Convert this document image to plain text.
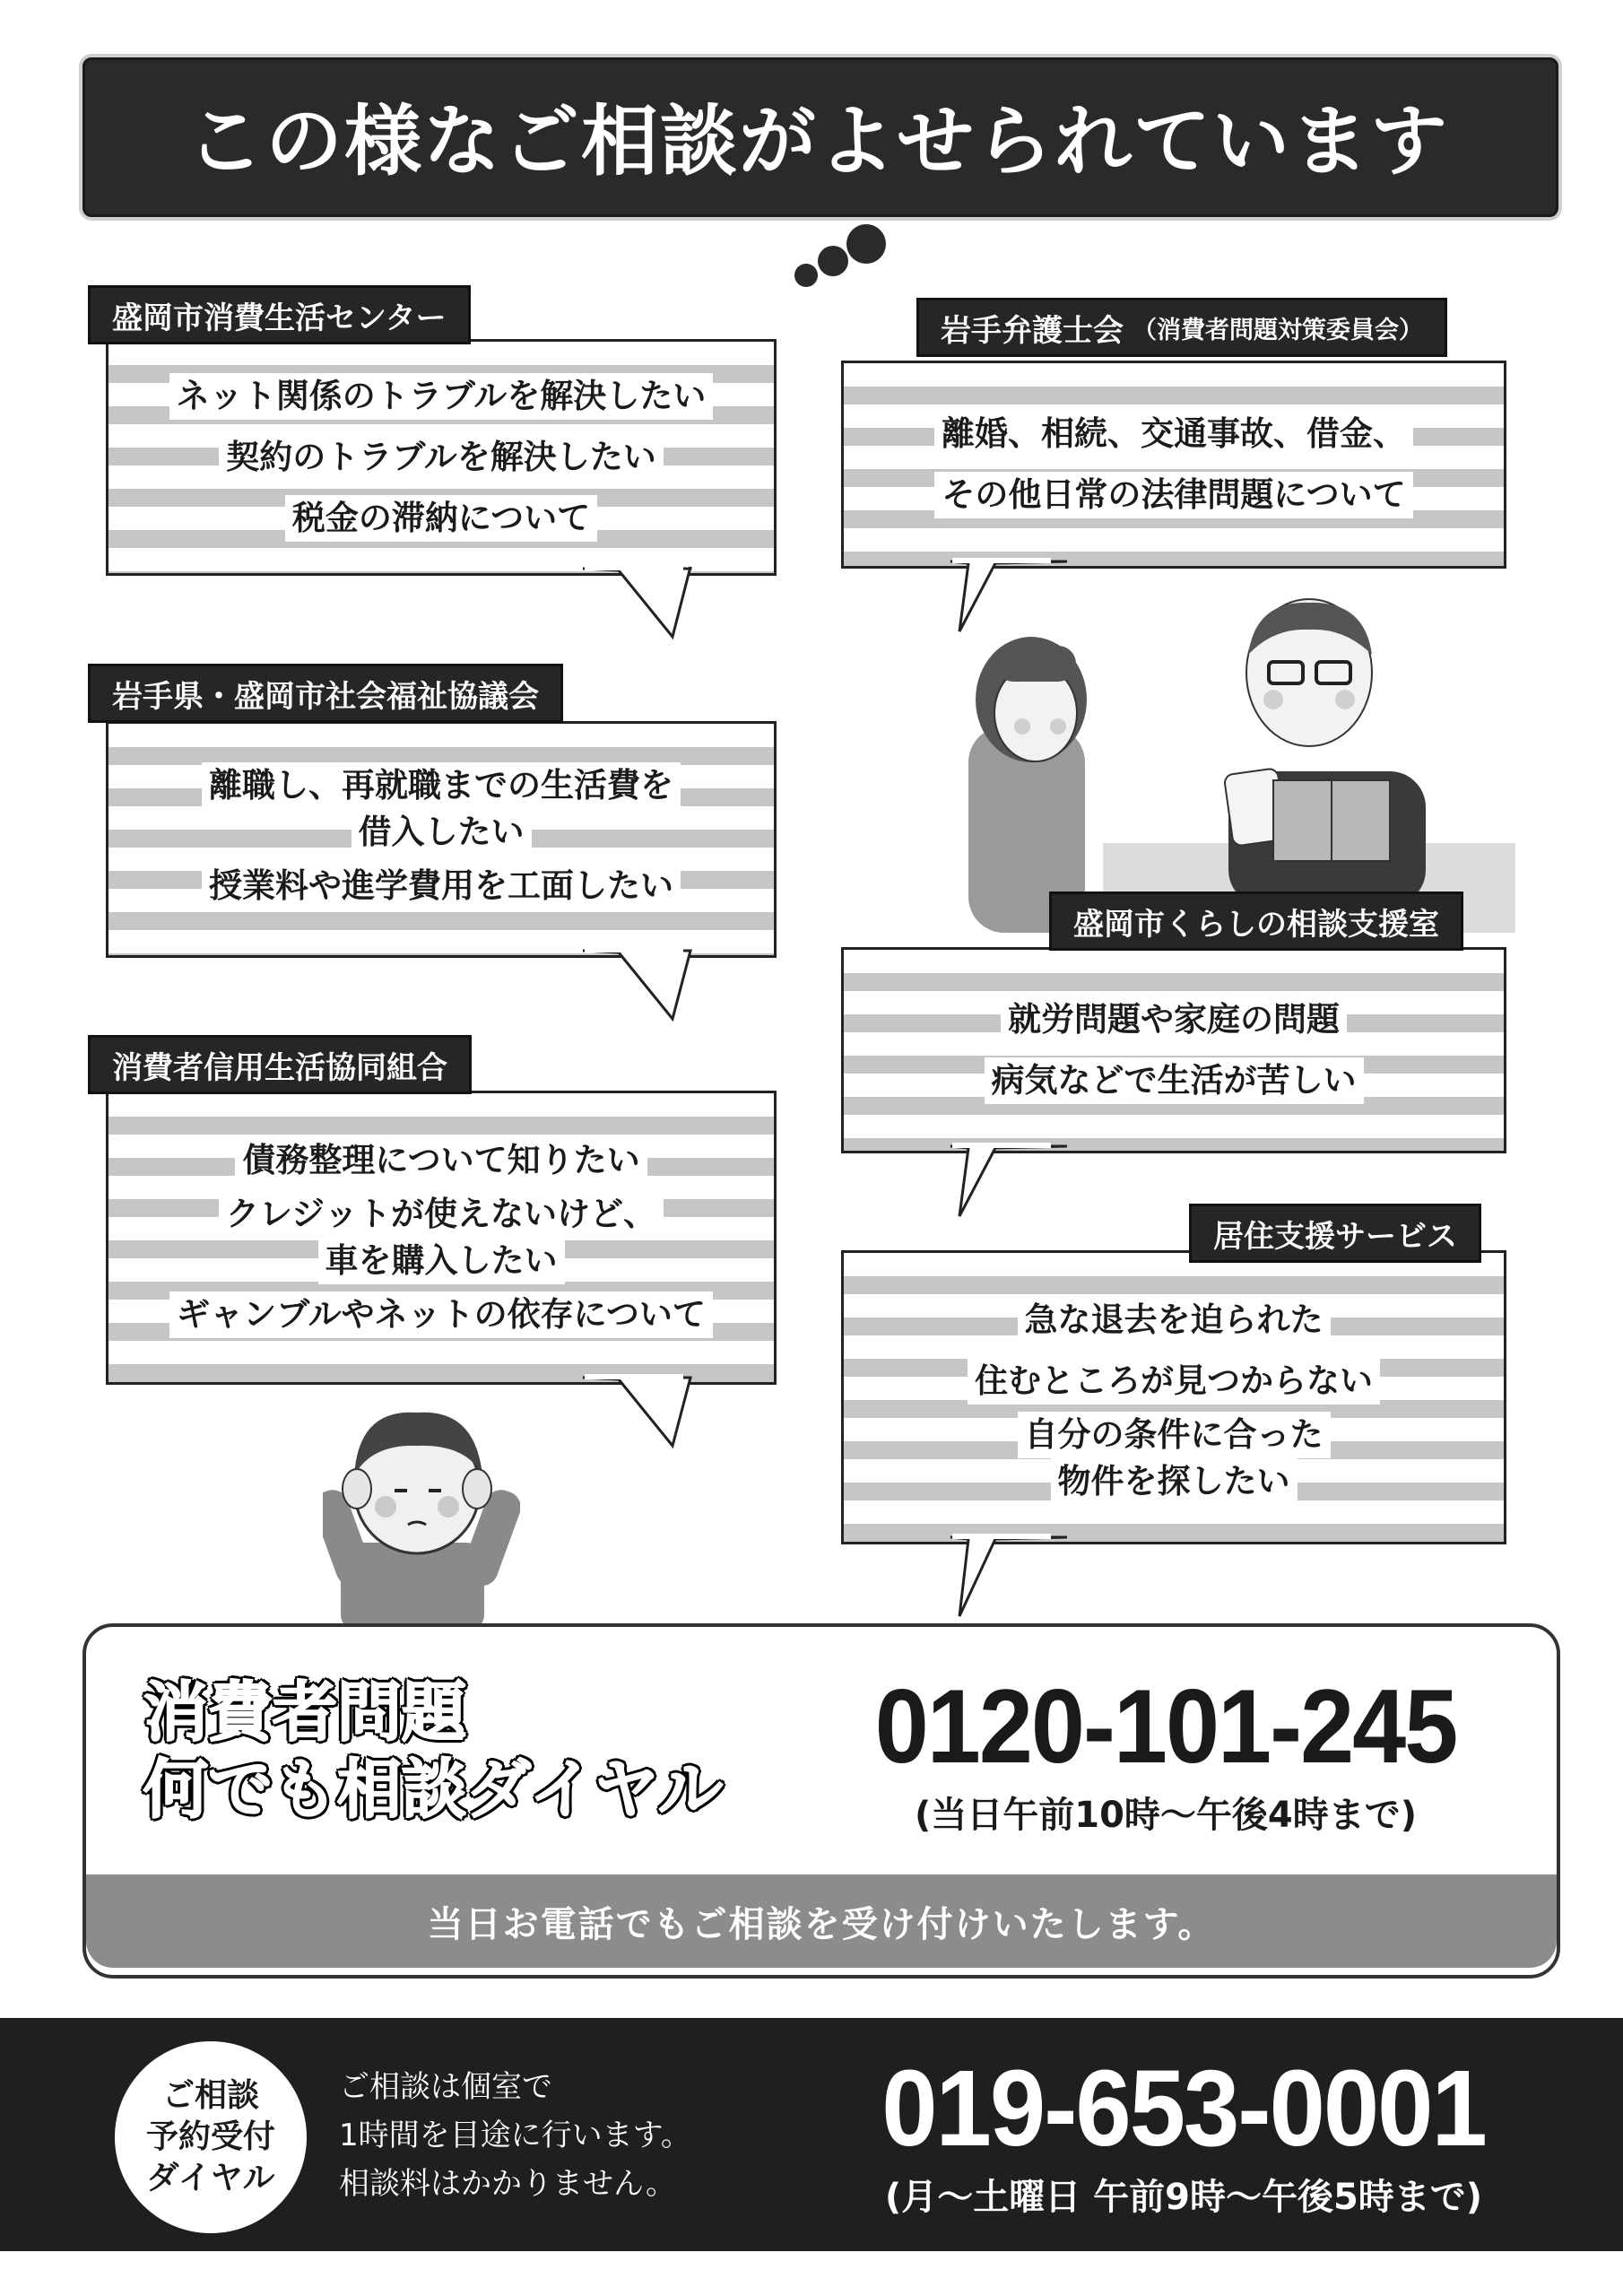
この様なご相談がよせられています
ネット関係のトラブルを解決したい
契約のトラブルを解決したい
税金の滞納について
盛岡市消費生活センター
離職し、再就職までの生活費を
借入したい
授業料や進学費用を工面したい
岩手県・盛岡市社会福祉協議会
債務整理について知りたい
クレジットが使えないけど、
車を購入したい
ギャンブルやネットの依存について
消費者信用生活協同組合
離婚、相続、交通事故、借金、
その他日常の法律問題について
岩手弁護士会 （消費者問題対策委員会）
就労問題や家庭の問題
病気などで生活が苦しい
盛岡市くらしの相談支援室
急な退去を迫られた
住むところが見つからない
自分の条件に合った
物件を探したい
居住支援サービス
当日お電話でもご相談を受け付けいたします。
消費者問題
何でも相談ダイヤル
0120-101-245
(当日午前10時～午後4時まで)
ご相談
予約受付
ダイヤル
ご相談は個室で
1時間を目途に行います。
相談料はかかりません。
019-653-0001
(月～土曜日 午前9時～午後5時まで)
